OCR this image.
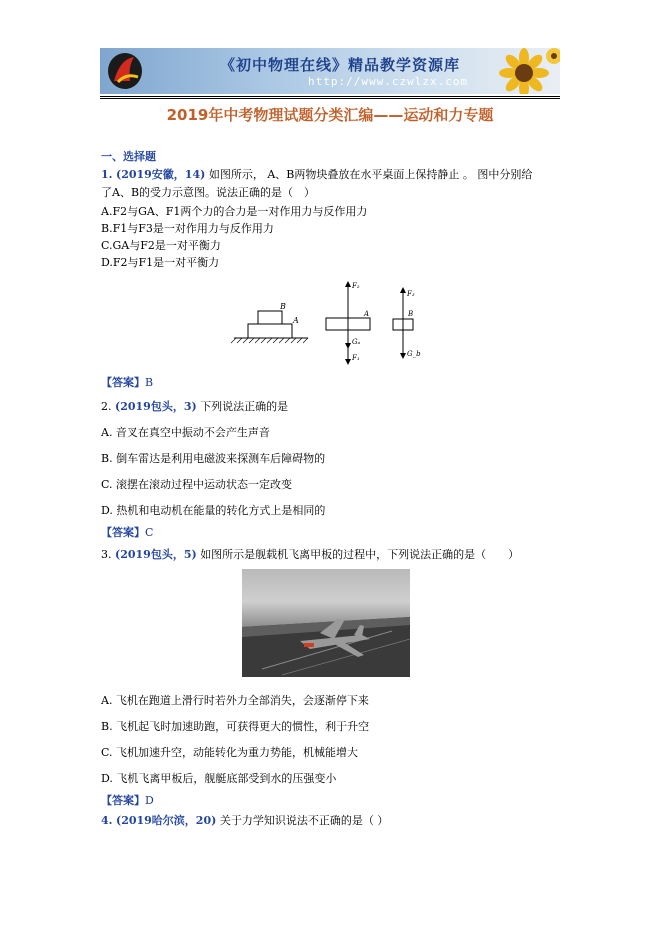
《初中物理在线》精品教学资源库
http://www.czwlzx.com
2019年中考物理试题分类汇编——运动和力专题
一、选择题
1. (2019安徽，14) 如图所示， A、B两物块叠放在水平桌面上保持静止 。 图中分别给
了A、B的受力示意图。说法正确的是（　）
A.F2与GA、F1两个力的合力是一对作用力与反作用力
B.F1与F3是一对作用力与反作用力
C.GA与F2是一对平衡力
D.F2与F1是一对平衡力
B
A
F₂
A
Gₐ
F₁
F₃
B
G_b
【答案】B
2. (2019包头，3) 下列说法正确的是
A. 音叉在真空中振动不会产生声音
B. 倒车雷达是利用电磁波来探测车后障碍物的
C. 滚摆在滚动过程中运动状态一定改变
D. 热机和电动机在能量的转化方式上是相同的
【答案】C
3. (2019包头，5) 如图所示是舰载机飞离甲板的过程中，下列说法正确的是（　　）
A. 飞机在跑道上滑行时若外力全部消失，会逐渐停下来
B. 飞机起飞时加速助跑，可获得更大的惯性，利于升空
C. 飞机加速升空，动能转化为重力势能，机械能增大
D. 飞机飞离甲板后，舰艇底部受到水的压强变小
【答案】D
4. (2019哈尔滨，20) 关于力学知识说法不正确的是（ ）
